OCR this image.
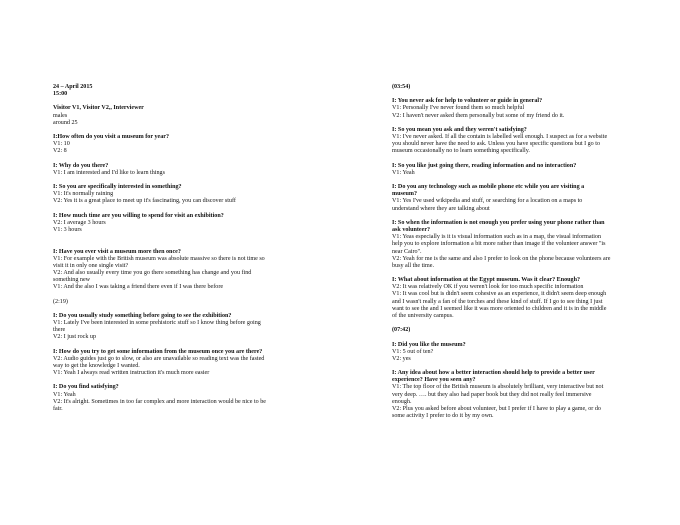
24 – April 2015
15:00
Visitor V1, Visitor V2,, Interviewer
males
around 25
I:How often do you visit a museum for year?
V1: 10
V2: 8
I: Why do you there?
V1: I am interested and I'd like to learn things
I: So you are specifically interested in something?
V1: It's normally raining
V2: Yes it is a great place to meet up it's fascinating, you can discover stuff
I: How much time are you willing to spend for visit an exhibition?
V2: I average 3 hours
V1: 3 hours
I: Have you ever visit a museum more then once?
V1: For example with the British museum was absolute massive so there is not time so
visit it in only one single visit?
V2: And also usually every time you go there something has change and you find
something new
V1: And the also I was taking a friend there even if I was there before
(2:19)
I: Do you usually study something before going to see the exhibition?
V1: Lately I've been interested in some prehistoric stuff so I know thing before going
there
V2: I just rock up
I: How do you try to get some information from the museum once you are there?
V2: Audio guides just go to slow, or also are unavailable so reading text was the fasted
way to get the knowledge I wanted.
V1: Yeah I always read written instruction it's much more easier
I: Do you find satisfying?
V1: Yeah
V2: It's alright. Sometimes in too far complex and more interaction would be nice to be
fair.
(03:54)
I: You never ask for help to volunteer or guide in general?
V1: Personally I've never found them so much helpful
V2: I haven't never asked them personally but some of my friend do it.
I: So you mean you ask and they weren't satisfying?
V1: I've never asked. If all the contain is labelled well enough. I suspect as for a website
you should never have the need to ask. Unless you have specific questions but I go to
museum occasionally no to learn something specifically.
I: So you like just going there, reading information and no interaction?
V1: Yeah
I: Do you any technology such as mobile phone etc while you are visiting a
museum?
V1: Yes I've used wikipedia and stuff, or searching for a location on a maps to
understand where they are talking about
I: So when the information is not enough you prefer using your phone rather than
ask volunteer?
V1: Yeas especially is it is visual information such as in a map, the visual information
help you to explore information a bit more rather than image if the volunteer answer "is
near Cairo".
V2: Yeah for me is the same and also I prefer to look on the phone because volunteers are
busy all the time.
I: What about information at the Egypt museum. Was it clear? Enough?
V2: It was relatively OK if you weren't look for too much specific information
V1: It was cool but is didn't seem cohesive as an experience, it didn't seem deep enough
and I wasn't really a fan of the torches and these kind of stuff. If I go to see thing I just
want to see the and I seemed like it was more oriented to children and it is in the middle
of the university campus.
(07:42)
I: Did you like the museum?
V1: 5 out of ten?
V2: yes
I: Any idea about how a better interaction should help to provide a better user
experience? Have you seen any?
V1: The top floor of the British museum is absolutely brilliant, very interactive but not
very deep. …. but they also had paper book but they did not really feel immersive
enough.
V2: Plus you asked before about volunteer, but I prefer if I have to play a game, or do
some activity I prefer to do it by my own.
